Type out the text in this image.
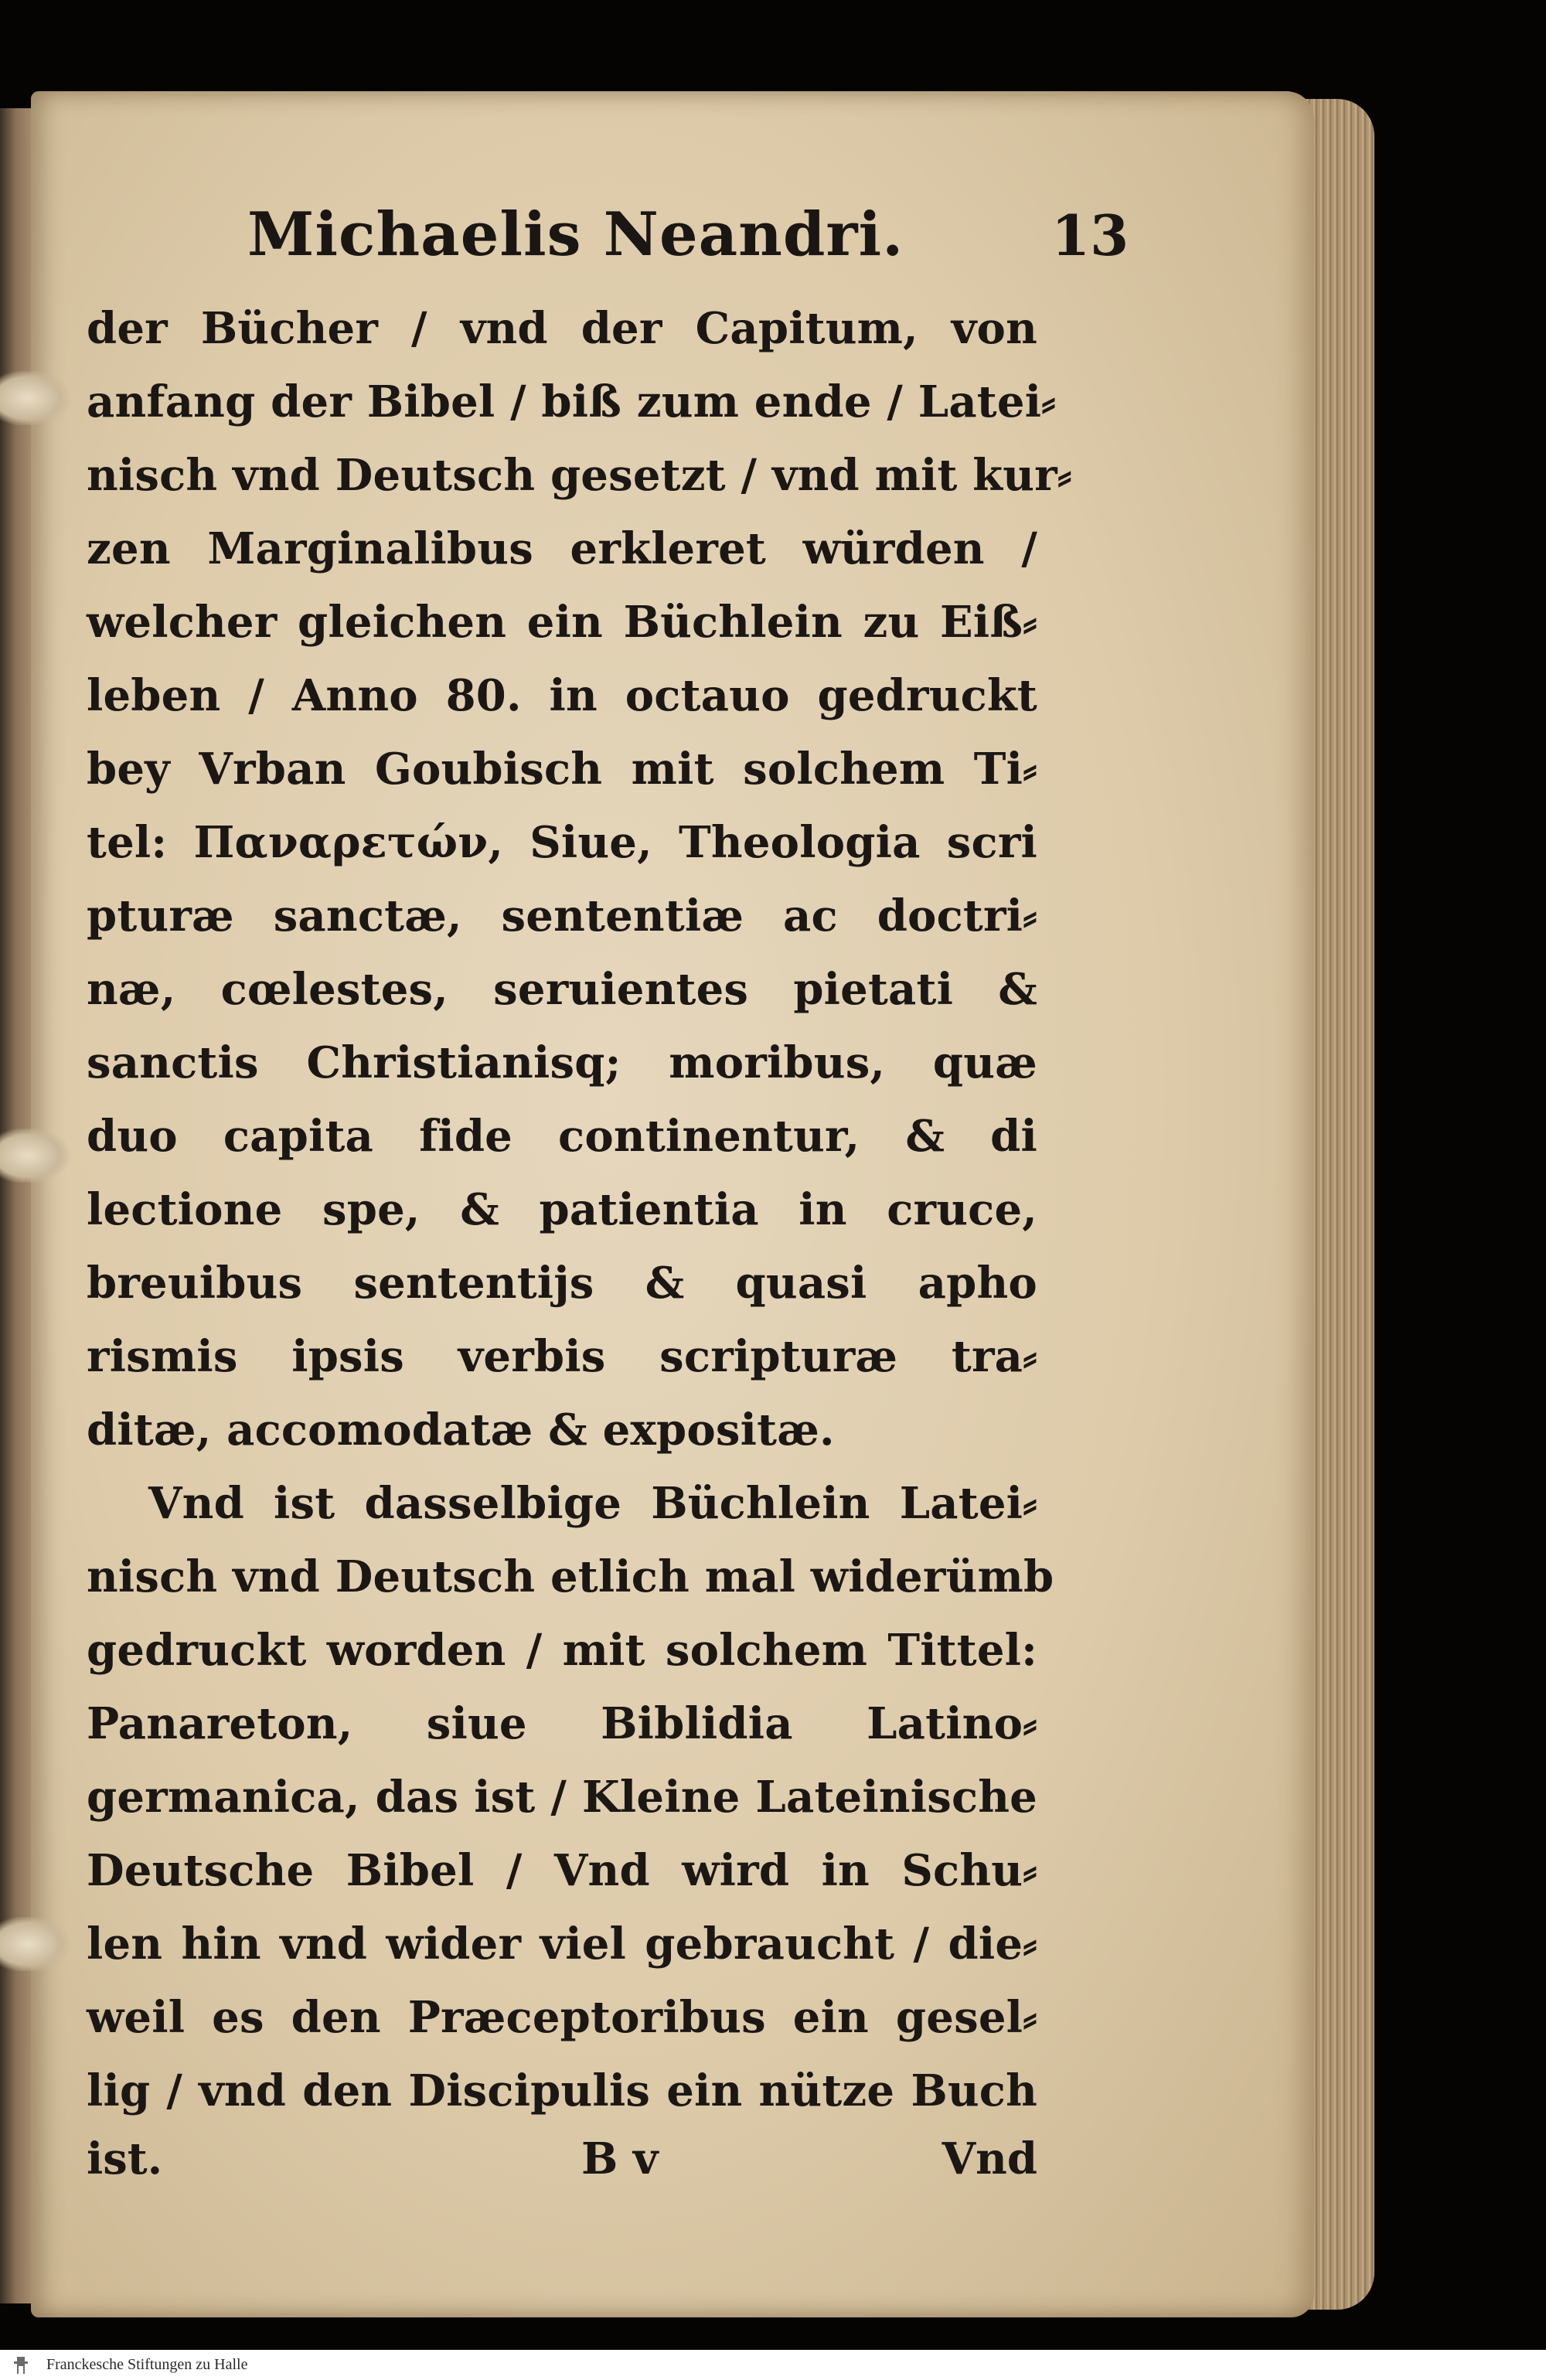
Michaelis Neandri.	13
der Bücher / vnd der Capitum, von
anfang der Bibel / biß zum ende / Latei⸗
nisch vnd Deutsch gesetzt / vnd mit kur⸗
zen Marginalibus erkleret würden /
welcher gleichen ein Büchlein zu Eiß⸗
leben / Anno 80. in octauo gedruckt
bey Vrban Goubisch mit solchem Ti⸗
tel: Παναρετών, Siue, Theologia scri
pturæ sanctæ, sententiæ ac doctri⸗
næ, cœlestes, seruientes pietati &
sanctis Christianisq; moribus, quæ
duo capita fide continentur, & di
lectione spe, & patientia in cruce,
breuibus sententijs & quasi apho
rismis ipsis verbis scripturæ tra⸗
ditæ, accomodatæ & expositæ.
Vnd ist dasselbige Büchlein Latei⸗
nisch vnd Deutsch etlich mal widerümb
gedruckt worden / mit solchem Tittel:
Panareton, siue Biblidia Latino⸗
germanica, das ist / Kleine Lateinische
Deutsche Bibel / Vnd wird in Schu⸗
len hin vnd wider viel gebraucht / die⸗
weil es den Præceptoribus ein gesel⸗
lig / vnd den Discipulis ein nütze Buch
ist.	B v	Vnd
Franckesche Stiftungen zu Halle
